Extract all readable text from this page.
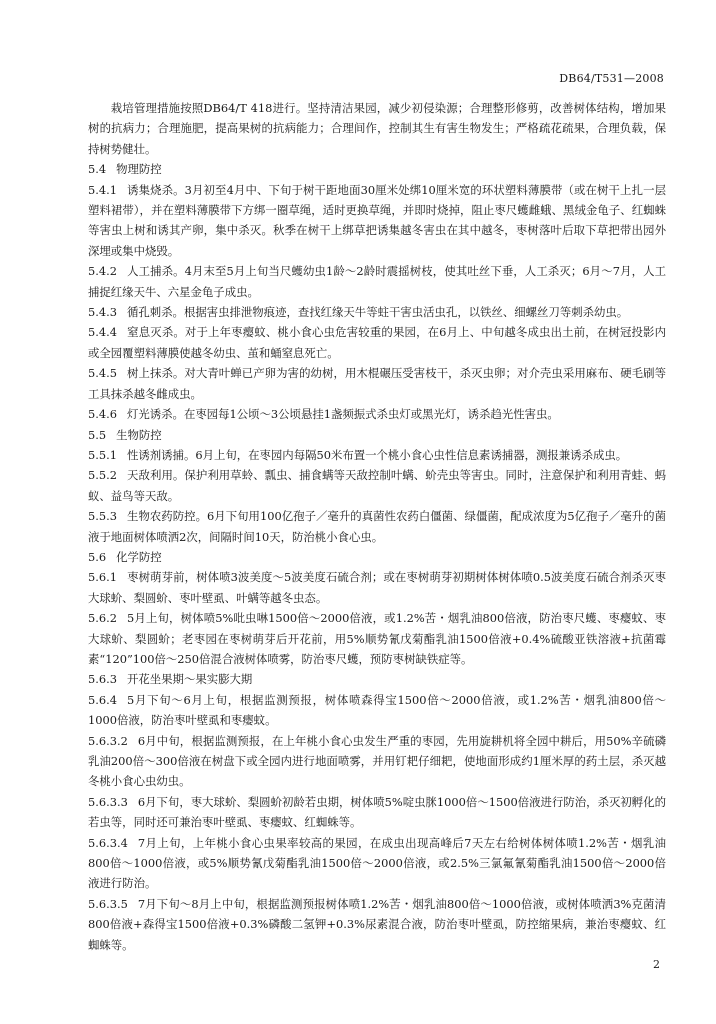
DB64/T531—2008

栽培管理措施按照DB64/T 418进行。坚持清洁果园，减少初侵染源；合理整形修剪，改善树体结构，增加果树的抗病力；合理施肥，提高果树的抗病能力；合理间作，控制其生有害生物发生；严格疏花疏果，合理负载，保持树势健壮。

5.4 物理防控

5.4.1 诱集烧杀。3月初至4月中、下旬于树干距地面30厘米处绑10厘米宽的环状塑料薄膜带（或在树干上扎一层塑料裙带），并在塑料薄膜带下方绑一圈草绳，适时更换草绳，并即时烧掉，阻止枣尺蠖雌蛾、黑绒金龟子、红蜘蛛等害虫上树和诱其产卵，集中杀灭。秋季在树干上绑草把诱集越冬害虫在其中越冬，枣树落叶后取下草把带出园外深埋或集中烧毁。

5.4.2 人工捕杀。4月末至5月上旬当尺蠖幼虫1龄～2龄时震摇树枝，使其吐丝下垂，人工杀灭；6月～7月，人工捕捉红缘天牛、六星金龟子成虫。

5.4.3 循孔刺杀。根据害虫排泄物痕迹，查找红缘天牛等蛀干害虫活虫孔，以铁丝、细螺丝刀等刺杀幼虫。

5.4.4 窒息灭杀。对于上年枣瘿蚊、桃小食心虫危害较重的果园，在6月上、中旬越冬成虫出土前，在树冠投影内或全园覆塑料薄膜使越冬幼虫、茧和蛹窒息死亡。

5.4.5 树上抹杀。对大青叶蝉已产卵为害的幼树，用木棍碾压受害枝干，杀灭虫卵；对介壳虫采用麻布、硬毛刷等工具抹杀越冬雌成虫。

5.4.6 灯光诱杀。在枣园每1公顷～3公顷悬挂1盏频振式杀虫灯或黑光灯，诱杀趋光性害虫。

5.5 生物防控

5.5.1 性诱剂诱捕。6月上旬，在枣园内每隔50米布置一个桃小食心虫性信息素诱捕器，测报兼诱杀成虫。

5.5.2 天敌利用。保护利用草蛉、瓢虫、捕食螨等天敌控制叶螨、蚧壳虫等害虫。同时，注意保护和利用青蛙、蚂蚁、益鸟等天敌。

5.5.3 生物农药防控。6月下旬用100亿孢子／毫升的真菌性农药白僵菌、绿僵菌，配成浓度为5亿孢子／毫升的菌液于地面树体喷洒2次，间隔时间10天，防治桃小食心虫。

5.6 化学防控

5.6.1 枣树萌芽前，树体喷3波美度～5波美度石硫合剂；或在枣树萌芽初期树体树体喷0.5波美度石硫合剂杀灭枣大球蚧、梨圆蚧、枣叶壁虱、叶螨等越冬虫态。

5.6.2 5月上旬，树体喷5%吡虫啉1500倍～2000倍液，或1.2%苦・烟乳油800倍液，防治枣尺蠖、枣瘿蚊、枣大球蚧、梨圆蚧；老枣园在枣树萌芽后开花前，用5%顺势氰戊菊酯乳油1500倍液+0.4%硫酸亚铁溶液+抗菌霉素“120”100倍～250倍混合液树体喷雾，防治枣尺蠖，预防枣树缺铁症等。

5.6.3 开花坐果期～果实膨大期

5.6.4 5月下旬～6月上旬，根据监测预报，树体喷森得宝1500倍～2000倍液，或1.2%苦・烟乳油800倍～1000倍液，防治枣叶壁虱和枣瘿蚊。

5.6.3.2 6月中旬，根据监测预报，在上年桃小食心虫发生严重的枣园，先用旋耕机将全园中耕后，用50%辛硫磷乳油200倍～300倍液在树盘下或全园内进行地面喷雾，并用钉耙仔细耙，使地面形成约1厘米厚的药土层，杀灭越冬桃小食心虫幼虫。

5.6.3.3 6月下旬，枣大球蚧、梨圆蚧初龄若虫期，树体喷5%啶虫脒1000倍～1500倍液进行防治，杀灭初孵化的若虫等，同时还可兼治枣叶壁虱、枣瘿蚊、红蜘蛛等。

5.6.3.4 7月上旬，上年桃小食心虫果率较高的果园，在成虫出现高峰后7天左右给树体树体喷1.2%苦・烟乳油800倍～1000倍液，或5%顺势氰戊菊酯乳油1500倍～2000倍液，或2.5%三氯氟氰菊酯乳油1500倍～2000倍液进行防治。

5.6.3.5 7月下旬～8月上中旬，根据监测预报树体喷1.2%苦・烟乳油800倍～1000倍液，或树体喷洒3%克菌清800倍液+森得宝1500倍液+0.3%磷酸二氢钾+0.3%尿素混合液，防治枣叶壁虱，防控缩果病，兼治枣瘿蚊、红蜘蛛等。

2
